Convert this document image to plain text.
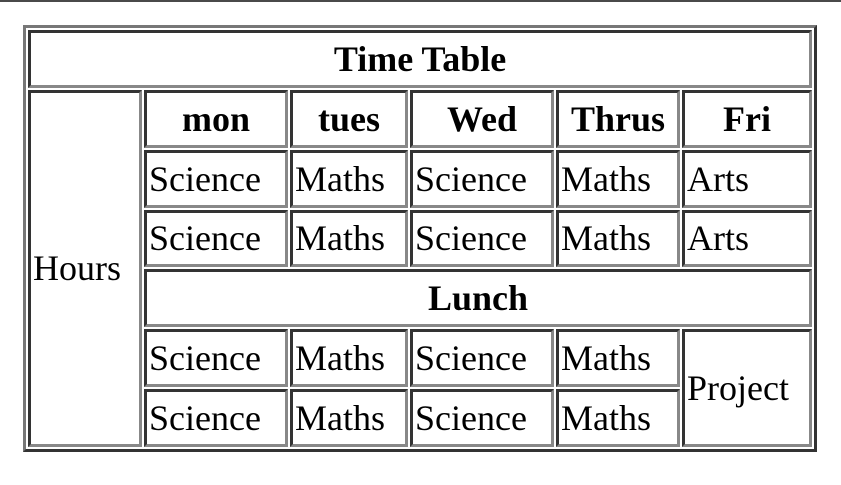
Time Table					
Hours	mon	tues	Wed	Thrus	Fri
	Science	Maths	Science	Maths	Arts
	Science	Maths	Science	Maths	Arts
	Lunch				
	Science	Maths	Science	Maths	Project
	Science	Maths	Science	Maths	
